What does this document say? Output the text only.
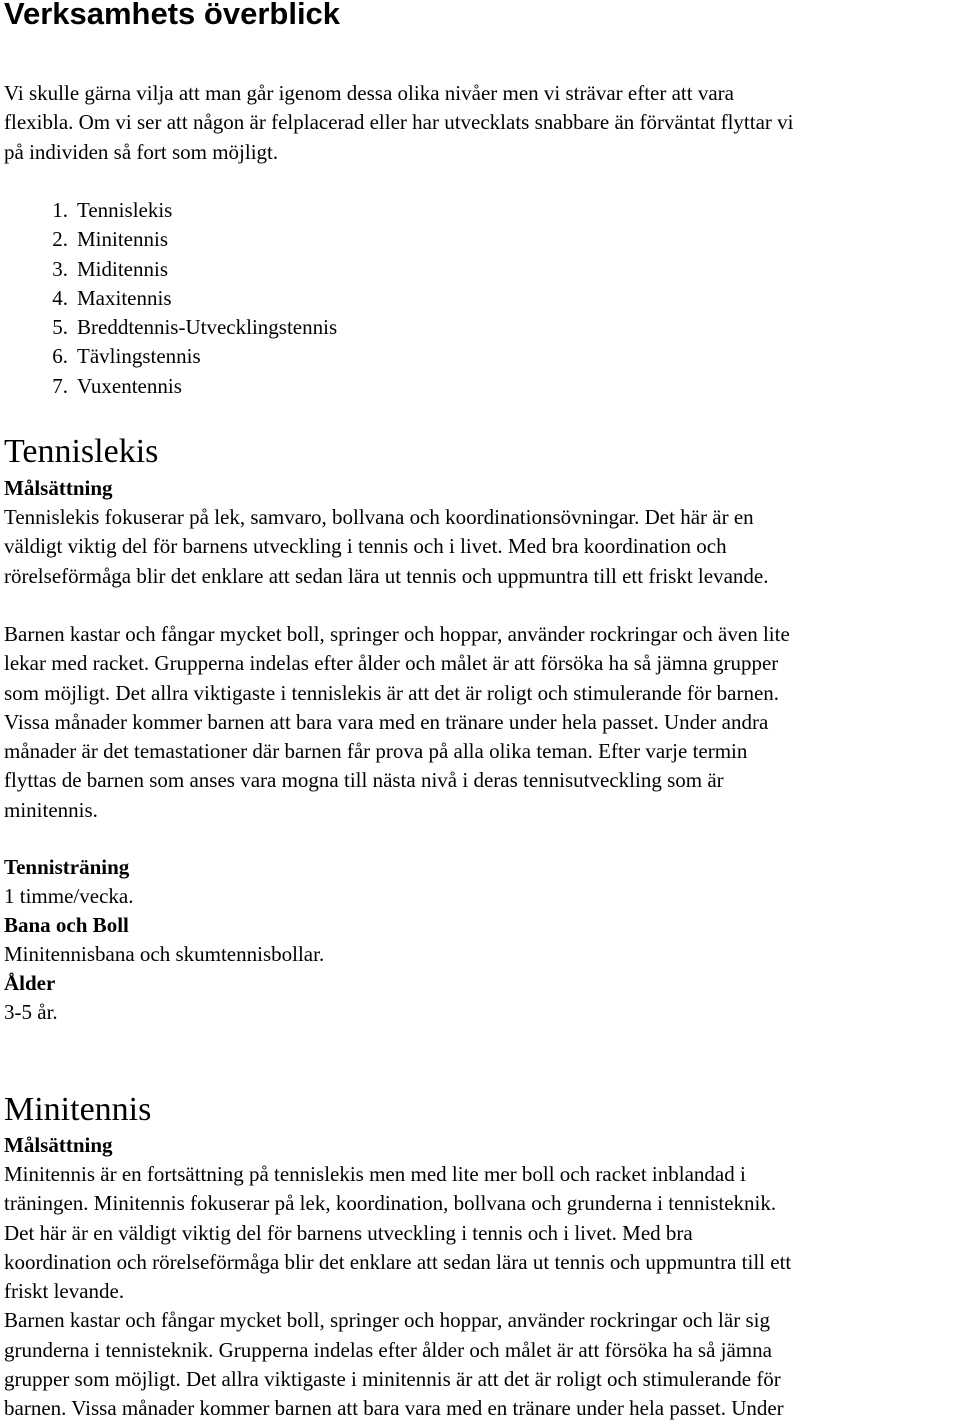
Verksamhets överblick
Vi skulle gärna vilja att man går igenom dessa olika nivåer men vi strävar efter att vara
flexibla. Om vi ser att någon är felplacerad eller har utvecklats snabbare än förväntat flyttar vi
på individen så fort som möjligt.
1. Tennislekis
2. Minitennis
3. Miditennis
4. Maxitennis
5. Breddtennis-Utvecklingstennis
6. Tävlingstennis
7. Vuxentennis
Tennislekis
Målsättning
Tennislekis fokuserar på lek, samvaro, bollvana och koordinationsövningar. Det här är en
väldigt viktig del för barnens utveckling i tennis och i livet. Med bra koordination och
rörelseförmåga blir det enklare att sedan lära ut tennis och uppmuntra till ett friskt levande.
Barnen kastar och fångar mycket boll, springer och hoppar, använder rockringar och även lite
lekar med racket. Grupperna indelas efter ålder och målet är att försöka ha så jämna grupper
som möjligt. Det allra viktigaste i tennislekis är att det är roligt och stimulerande för barnen.
Vissa månader kommer barnen att bara vara med en tränare under hela passet. Under andra
månader är det temastationer där barnen får prova på alla olika teman. Efter varje termin
flyttas de barnen som anses vara mogna till nästa nivå i deras tennisutveckling som är
minitennis.
Tennisträning
1 timme/vecka.
Bana och Boll
Minitennisbana och skumtennisbollar.
Ålder
3-5 år.
Minitennis
Målsättning
Minitennis är en fortsättning på tennislekis men med lite mer boll och racket inblandad i
träningen. Minitennis fokuserar på lek, koordination, bollvana och grunderna i tennisteknik.
Det här är en väldigt viktig del för barnens utveckling i tennis och i livet. Med bra
koordination och rörelseförmåga blir det enklare att sedan lära ut tennis och uppmuntra till ett
friskt levande.
Barnen kastar och fångar mycket boll, springer och hoppar, använder rockringar och lär sig
grunderna i tennisteknik. Grupperna indelas efter ålder och målet är att försöka ha så jämna
grupper som möjligt. Det allra viktigaste i minitennis är att det är roligt och stimulerande för
barnen. Vissa månader kommer barnen att bara vara med en tränare under hela passet. Under
